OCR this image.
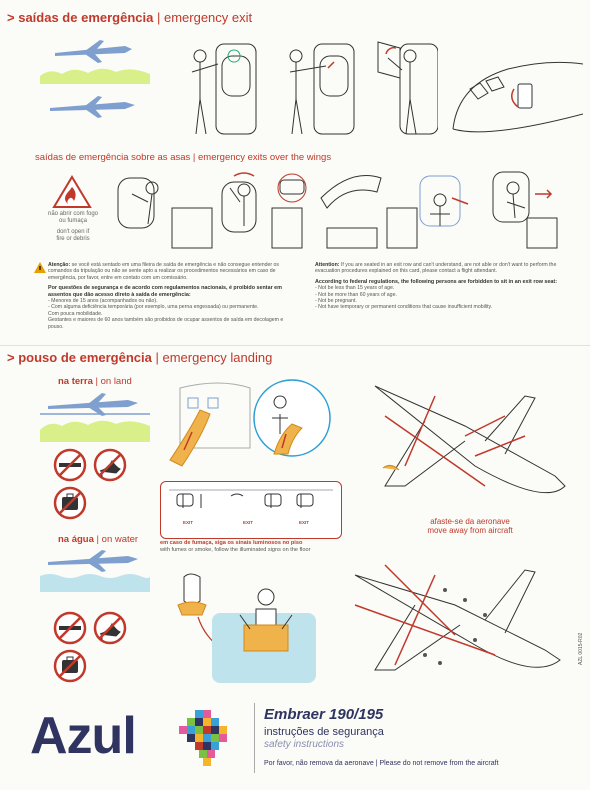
> saídas de emergência | emergency exit
saídas de emergência sobre as asas | emergency exits over the wings
não abrir com fogo
ou fumaça
don't open if
fire or debris
Atenção: se você está sentado em uma fileira de saída de emergência e não consegue entender os comandos da tripulação ou não se sente apto a realizar os procedimentos necessários em caso de emergência, por favor, entre em contato com um comissário.
Por questões de segurança e de acordo com regulamentos nacionais, é proibido sentar em assentos que dão acesso direto à saída de emergência:
- Menores de 15 anos (acompanhados ou não).
- Com alguma deficiência temporária (por exemplo, uma perna engessada) ou permanente.
Com pouca mobilidade.
Gestantes e maiores de 60 anos também são proibidos de ocupar assentos de saída em decolagem e pouso.
Attention: If you are seated in an exit row and can't understand, are not able or don't want to perform the evacuation procedures explained on this card, please contact a flight attendant.
According to federal regulations, the following persons are forbidden to sit in an exit row seat:
- Not be less than 15 years of age.
- Not be more than 60 years of age.
- Not be pregnant.
- Not have temporary or permanent conditions that cause insufficient mobility.
> pouso de emergência | emergency landing
na terra | on land
EXIT	EXIT	EXIT
em caso de fumaça, siga os sinais luminosos no piso
with fumes or smoke, follow the illuminated signs on the floor
afaste-se da aeronave
move away from aircraft
na água | on water
AZL 0015-R02
Azul	Embraer 190/195
instruções de segurança
safety instructions
Por favor, não remova da aeronave | Please do not remove from the aircraft
